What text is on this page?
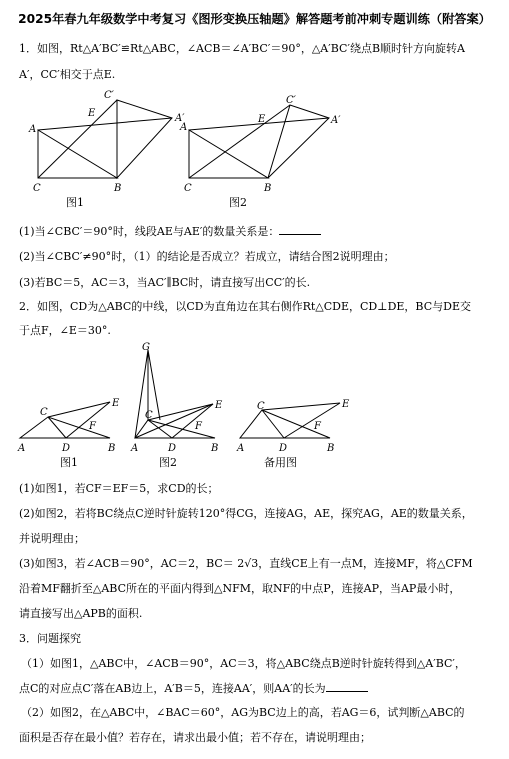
2025年春九年级数学中考复习《图形变换压轴题》解答题考前冲刺专题训练（附答案）
1．如图，Rt△A′BC′≌Rt△ABC，∠ACB＝∠A′BC′＝90°，△A′BC′绕点B顺时针方向旋转A
A′，CC′相交于点E.
C′
E
A
A′
C	B
图1
C′
E
A
A′
C	B
图2
(1)当∠CBC′＝90°时，线段AE与AE′的数量关系是：
(2)当∠CBC′≠90°时，（1）的结论是否成立？若成立，请结合图2说明理由；
(3)若BC＝5，AC＝3，当AC′∥BC时，请直接写出CC′的长.
2．如图，CD为△ABC的中线，以CD为直角边在其右侧作Rt△CDE，CD⊥DE，BC与DE交
于点F，∠E＝30°.
C
E
F
A	D	B
图1
G
C
E
F
A	D	B
图2
C	E
F
A	D	B
备用图
(1)如图1，若CF＝EF＝5，求CD的长；
(2)如图2，若将BC绕点C逆时针旋转120°得CG，连接AG，AE，探究AG，AE的数量关系，
并说明理由；
(3)如图3，若∠ACB＝90°，AC＝2，BC＝ 2√3，直线CE上有一点M，连接MF，将△CFM
沿着MF翻折至△ABC所在的平面内得到△NFM，取NF的中点P，连接AP，当AP最小时，
请直接写出△APB的面积.
3．问题探究
（1）如图1，△ABC中，∠ACB＝90°，AC＝3，将△ABC绕点B逆时针旋转得到△A′BC′，
点C的对应点C′落在AB边上，A′B＝5，连接AA′，则AA′的长为
（2）如图2，在△ABC中，∠BAC＝60°，AG为BC边上的高，若AG＝6，试判断△ABC的
面积是否存在最小值？若存在，请求出最小值；若不存在，请说明理由；
